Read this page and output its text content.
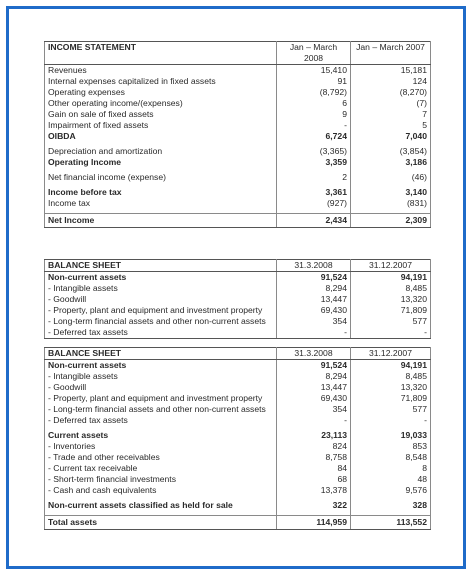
INCOME STATEMENT	Jan – March 2008	Jan – March 2007
Revenues	15,410	15,181
Internal expenses capitalized in fixed assets	91	124
Operating expenses	(8,792)	(8,270)
Other operating income/(expenses)	6	(7)
Gain on sale of fixed assets	9	7
Impairment of fixed assets	-	5
OIBDA	6,724	7,040

Depreciation and amortization	(3,365)	(3,854)
Operating Income	3,359	3,186

Net financial income (expense)	2	(46)

Income before tax	3,361	3,140
Income tax	(927)	(831)

Net Income	2,434	2,309
BALANCE SHEET	31.3.2008	31.12.2007
Non-current assets	91,524	94,191
- Intangible assets	8,294	8,485
- Goodwill	13,447	13,320
- Property, plant and equipment and investment property	69,430	71,809
- Long-term financial assets and other non-current assets	354	577
- Deferred tax assets	-	-
BALANCE SHEET	31.3.2008	31.12.2007
Non-current assets	91,524	94,191
- Intangible assets	8,294	8,485
- Goodwill	13,447	13,320
- Property, plant and equipment and investment property	69,430	71,809
- Long-term financial assets and other non-current assets	354	577
- Deferred tax assets	-	-

Current assets	23,113	19,033
- Inventories	824	853
- Trade and other receivables	8,758	8,548
- Current tax receivable	84	8
- Short-term financial investments	68	48
- Cash and cash equivalents	13,378	9,576

Non-current assets classified as held for sale	322	328

Total assets	114,959	113,552
